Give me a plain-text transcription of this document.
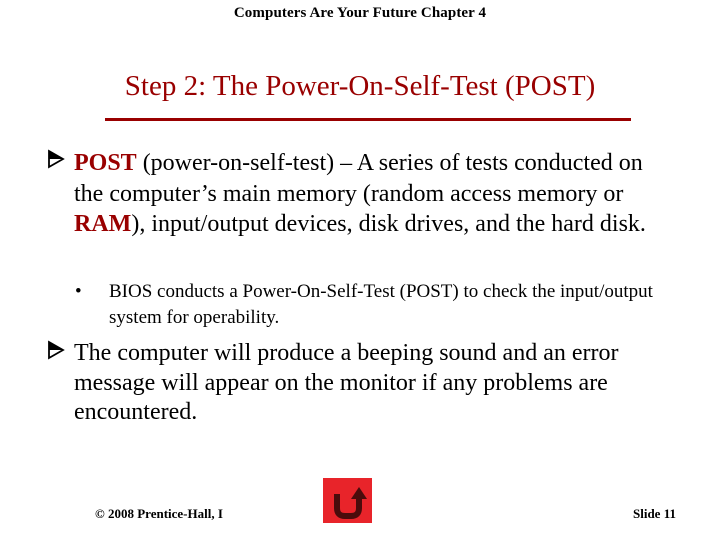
Computers Are Your Future Chapter 4
Step 2: The Power-On-Self-Test (POST)
POST (power-on-self-test) – A series of tests conducted on the computer’s main memory (random access memory or RAM), input/output devices, disk drives, and the hard disk.
• BIOS conducts a Power-On-Self-Test (POST) to check the input/output system for operability.
The computer will produce a beeping sound and an error message will appear on the monitor if any problems are encountered.
© 2008 Prentice-Hall, I	Slide 11
